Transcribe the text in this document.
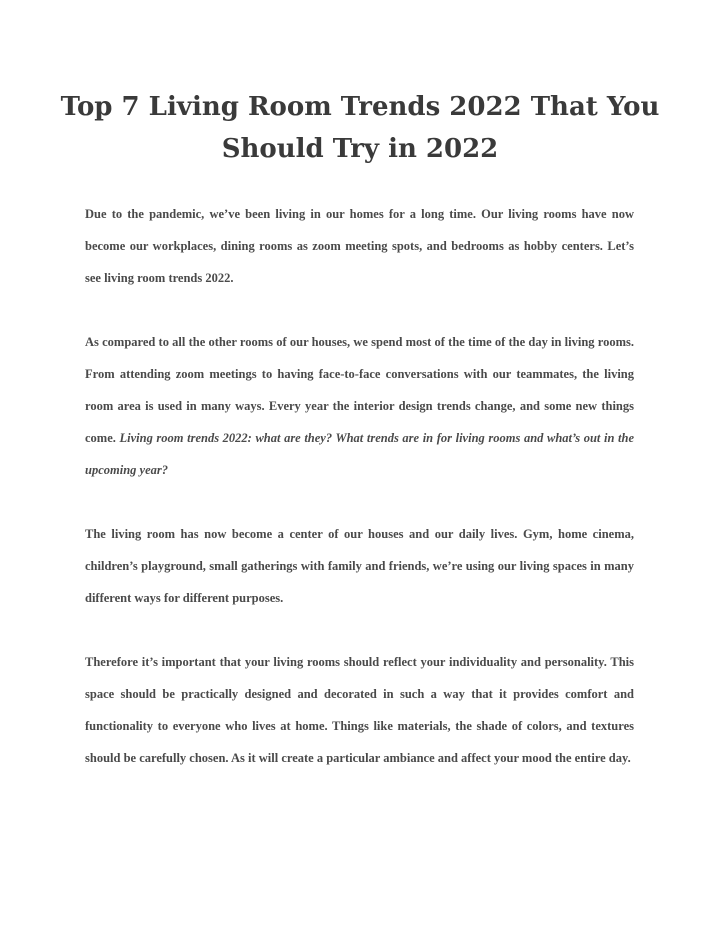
Top 7 Living Room Trends 2022 That You Should Try in 2022

Due to the pandemic, we’ve been living in our homes for a long time. Our living rooms have now become our workplaces, dining rooms as zoom meeting spots, and bedrooms as hobby centers. Let’s see living room trends 2022.

As compared to all the other rooms of our houses, we spend most of the time of the day in living rooms. From attending zoom meetings to having face-to-face conversations with our teammates, the living room area is used in many ways. Every year the interior design trends change, and some new things come. Living room trends 2022: what are they? What trends are in for living rooms and what’s out in the upcoming year?

The living room has now become a center of our houses and our daily lives. Gym, home cinema, children’s playground, small gatherings with family and friends, we’re using our living spaces in many different ways for different purposes.

Therefore it’s important that your living rooms should reflect your individuality and personality. This space should be practically designed and decorated in such a way that it provides comfort and functionality to everyone who lives at home. Things like materials, the shade of colors, and textures should be carefully chosen. As it will create a particular ambiance and affect your mood the entire day.
